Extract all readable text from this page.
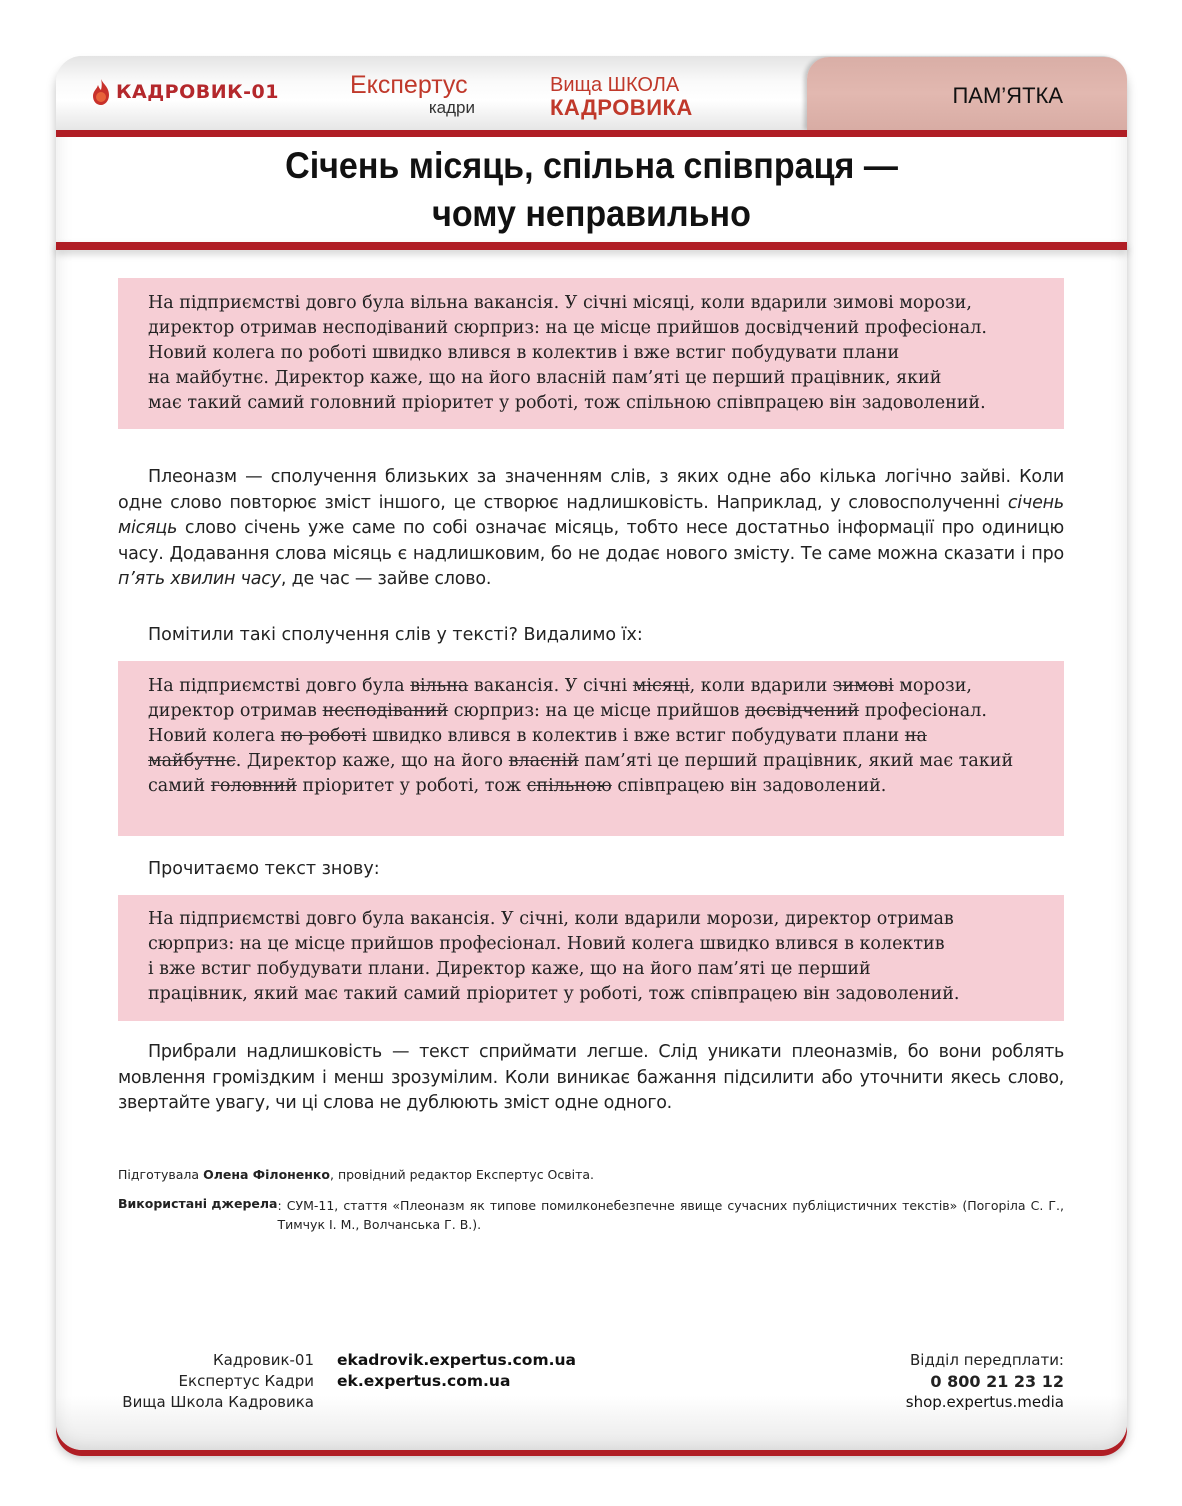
КАДРОВИК-01	Експертус
кадри
Вища ШКОЛА
КАДРОВИКА	ПАМ’ЯТКА
Січень місяць, спільна співпраця —
чому неправильно

На підприємстві довго була вільна вакансія. У січні місяці, коли вдарили зимові морози,

директор отримав несподіваний сюрприз: на це місце прийшов досвідчений професіонал.

Новий колега по роботі швидко влився в колектив і вже встиг побудувати плани

на майбутнє. Директор каже, що на його власній пам’яті це перший працівник, який

має такий самий головний пріоритет у роботі, тож спільною співпрацею він задоволений.

Плеоназм — сполучення близьких за значенням слів, з яких одне або кілька логічно зайві. Коли одне слово повторює зміст іншого, це створює надлишковість. Наприклад, у словосполученні січень місяць слово січень уже саме по собі означає місяць, тобто несе достатньо інформації про одиницю часу. Додавання слова місяць є надлишковим, бо не додає нового змісту. Те саме можна сказати і про п’ять хвилин часу, де час — зайве слово.

Помітили такі сполучення слів у тексті? Видалимо їх:

На підприємстві довго була вільна вакансія. У січні місяці, коли вдарили зимові морози, директор отримав несподіваний сюрприз: на це місце прийшов досвідчений професіонал. Новий колега по роботі швидко влився в колектив і вже встиг побудувати плани на майбутнє. Директор каже, що на його власній пам’яті це перший працівник, який має такий самий головний пріоритет у роботі, тож спільною співпрацею він задоволений.

Прочитаємо текст знову:

На підприємстві довго була вакансія. У січні, коли вдарили морози, директор отримав

сюрприз: на це місце прийшов професіонал. Новий колега швидко влився в колектив

і вже встиг побудувати плани. Директор каже, що на його пам’яті це перший

працівник, який має такий самий пріоритет у роботі, тож співпрацею він задоволений.

Прибрали надлишковість — текст сприймати легше. Слід уникати плеоназмів, бо вони роблять мовлення громіздким і менш зрозумілим. Коли виникає бажання підсилити або уточнити якесь слово, звертайте увагу, чи ці слова не дублюють зміст одне одного.

Підготувала Олена Філоненко, провідний редактор Експертус Освіта.

Використані джерела : СУМ-11, стаття «Плеоназм як типове помилконебезпечне явище сучасних публіцистичних текстів» (Погоріла С. Г., Тимчук І. М., Волчанська Г. В.).
Кадровик-01
Експертус Кадри
Вища Школа Кадровика
ekadrovik.expertus.com.ua
ek.expertus.com.ua
Відділ передплати:
0 800 21 23 12
shop.expertus.media
